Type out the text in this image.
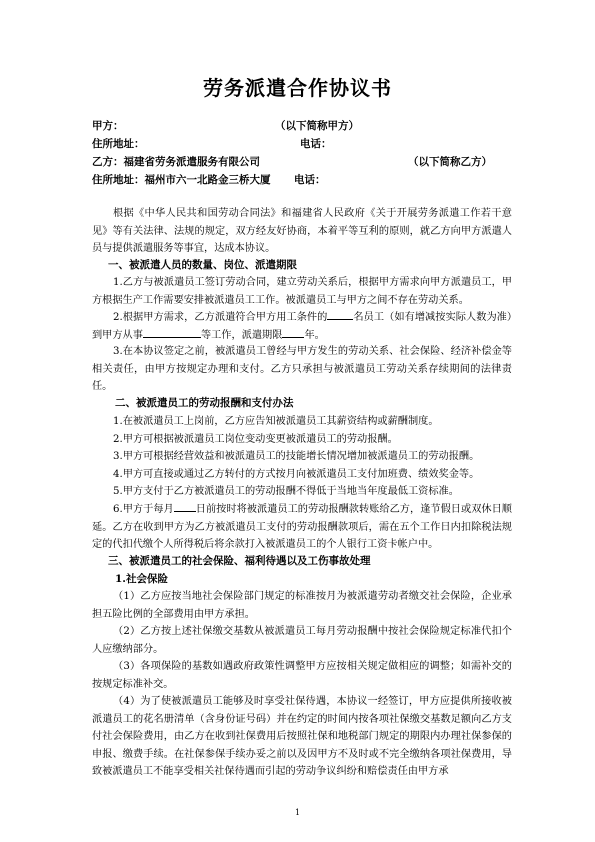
劳务派遣合作协议书
甲方：	（以下简称甲方）
住所地址：	电话：
乙方：福建省劳务派遣服务有限公司	（以下简称乙方）
住所地址：福州市六一北路金三桥大厦 电话：
根据《中华人民共和国劳动合同法》和福建省人民政府《关于开展劳务派遣工作若干意见》等有关法律、法规的规定，双方经友好协商，本着平等互利的原则，就乙方向甲方派遣人员与提供派遣服务等事宜，达成本协议。
一、被派遣人员的数量、岗位、派遣期限
1.乙方与被派遣员工签订劳动合同，建立劳动关系后，根据甲方需求向甲方派遣员工，甲方根据生产工作需要安排被派遣员工工作。被派遣员工与甲方之间不存在劳动关系。
2.根据甲方需求，乙方派遣符合甲方用工条件的	名员工（如有增减按实际人数为准）到甲方从事	等工作，派遣期限 年。
3.在本协议签定之前，被派遣员工曾经与甲方发生的劳动关系、社会保险、经济补偿金等相关责任，由甲方按规定办理和支付。乙方只承担与被派遣员工劳动关系存续期间的法律责任。
二、被派遣员工的劳动报酬和支付办法
1.在被派遣员工上岗前，乙方应告知被派遣员工其薪资结构或薪酬制度。
2.甲方可根据被派遣员工岗位变动变更被派遣员工的劳动报酬。
3.甲方可根据经营效益和被派遣员工的技能增长情况增加被派遣员工的劳动报酬。
4.甲方可直接或通过乙方转付的方式按月向被派遣员工支付加班费、绩效奖金等。
5.甲方支付于乙方被派遣员工的劳动报酬不得低于当地当年度最低工资标准。
6.甲方于每月 日前按时将被派遣员工的劳动报酬款转账给乙方，逢节假日或双休日顺延。乙方在收到甲方为乙方被派遣员工支付的劳动报酬款项后，需在五个工作日内扣除税法规定的代扣代缴个人所得税后将余款打入被派遣员工的个人银行工资卡帐户中。
三、被派遣员工的社会保险、福利待遇以及工伤事故处理
1.社会保险
（1）乙方应按当地社会保险部门规定的标准按月为被派遣劳动者缴交社会保险，企业承担五险比例的全部费用由甲方承担。
（2）乙方按上述社保缴交基数从被派遣员工每月劳动报酬中按社会保险规定标准代扣个人应缴纳部分。
（3）各项保险的基数如遇政府政策性调整甲方应按相关规定做相应的调整；如需补交的按规定标准补交。
（4）为了使被派遣员工能够及时享受社保待遇，本协议一经签订，甲方应提供所接收被派遣员工的花名册清单（含身份证号码）并在约定的时间内按各项社保缴交基数足额向乙方支付社会保险费用，由乙方在收到社保费用后按照社保和地税部门规定的期限内办理社保参保的申报、缴费手续。在社保参保手续办妥之前以及因甲方不及时或不完全缴纳各项社保费用，导致被派遣员工不能享受相关社保待遇而引起的劳动争议纠纷和赔偿责任由甲方承
1
